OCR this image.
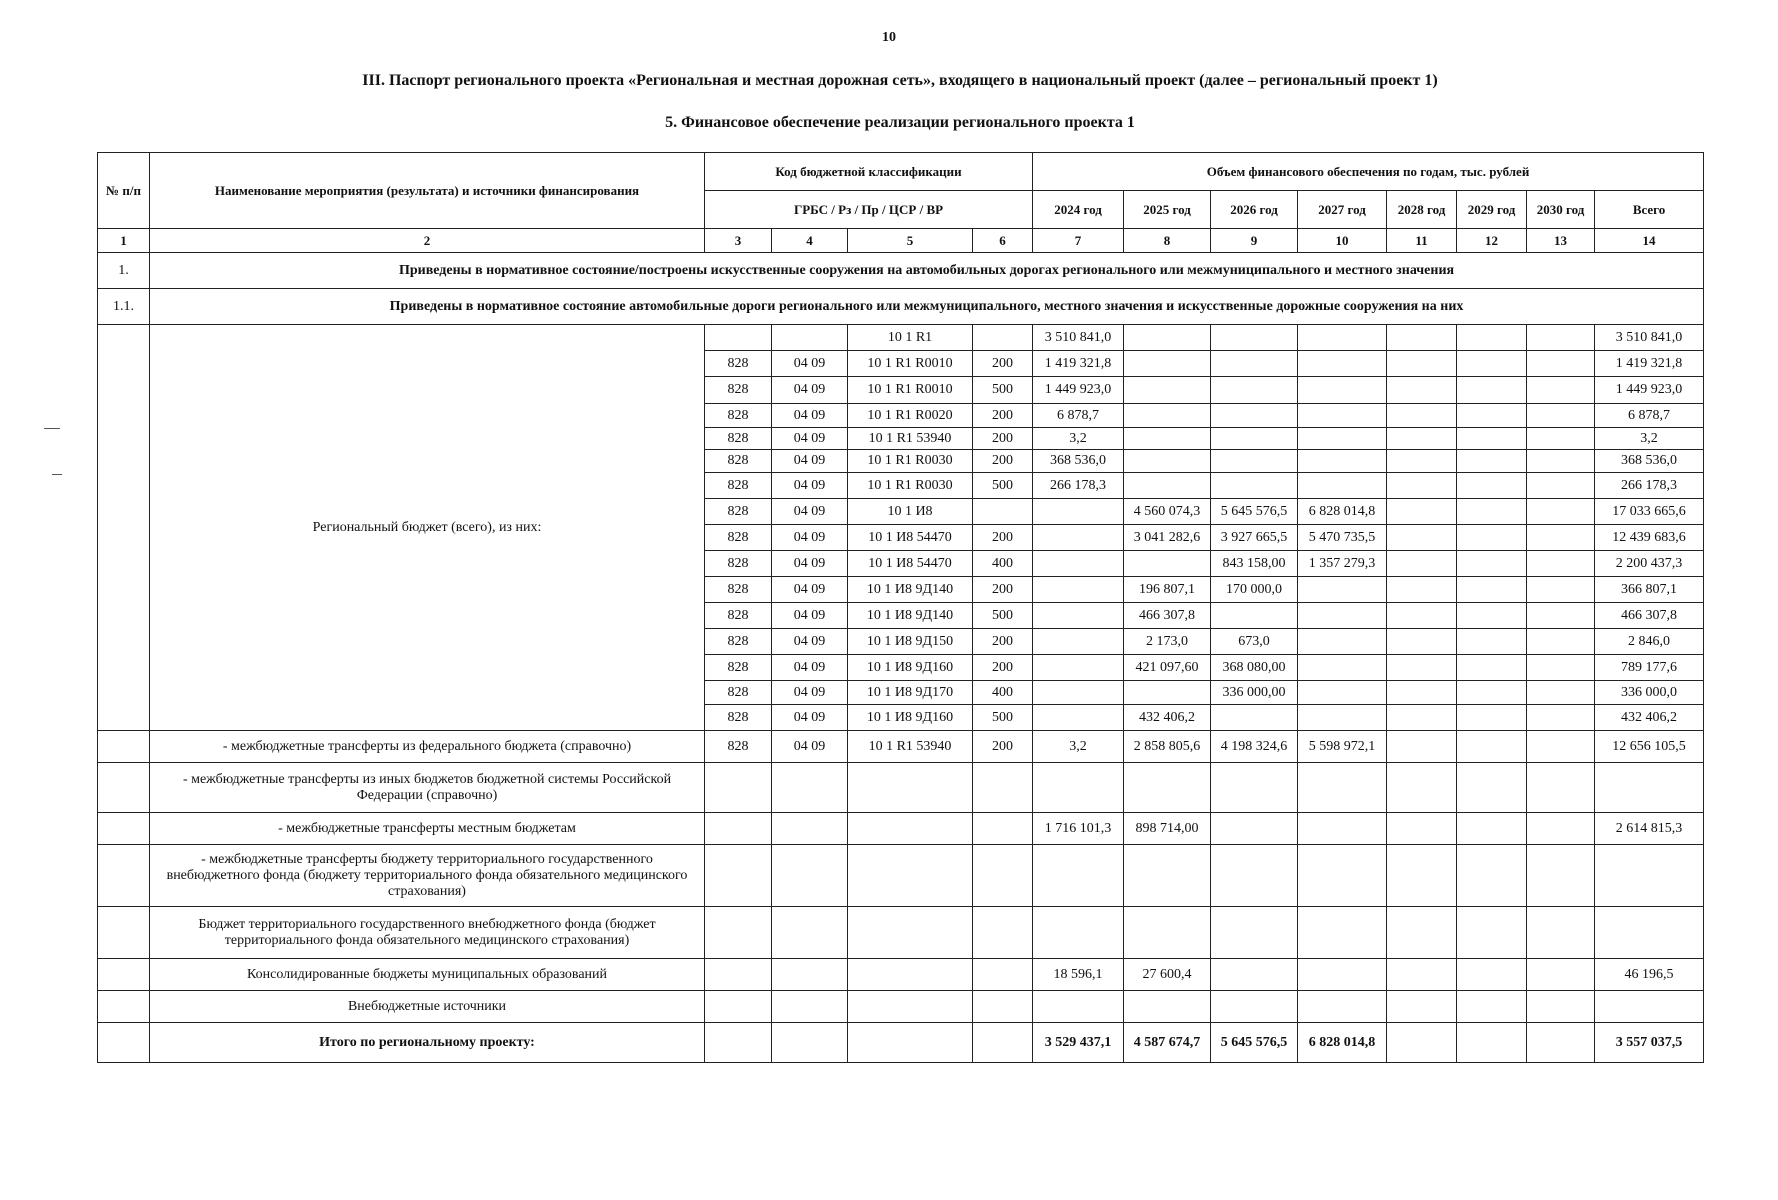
10
III. Паспорт регионального проекта «Региональная и местная дорожная сеть», входящего в национальный проект (далее – региональный проект 1)
5. Финансовое обеспечение реализации регионального проекта 1
№ п/п	Наименование мероприятия (результата) и источники финансирования	Код бюджетной классификации				Объем финансового обеспечения по годам, тыс. рублей							
		ГРБС / Рз / Пр / ЦСР / ВР				2024 год	2025 год	2026 год	2027 год	2028 год	2029 год	2030 год	Всего
1	2	3	4	5	6	7	8	9	10	11	12	13	14
1.	Приведены в нормативное состояние/построены искусственные сооружения на автомобильных дорогах регионального или межмуниципального и местного значения												
1.1.	Приведены в нормативное состояние автомобильные дороги регионального или межмуниципального, местного значения и искусственные дорожные сооружения на них												
	Региональный бюджет (всего), из них:			10 1 R1		3 510 841,0							3 510 841,0
		828	04 09	10 1 R1 R0010	200	1 419 321,8							1 419 321,8
		828	04 09	10 1 R1 R0010	500	1 449 923,0							1 449 923,0
		828	04 09	10 1 R1 R0020	200	6 878,7							6 878,7
		828	04 09	10 1 R1 53940	200	3,2							3,2
		828	04 09	10 1 R1 R0030	200	368 536,0							368 536,0
		828	04 09	10 1 R1 R0030	500	266 178,3							266 178,3
		828	04 09	10 1 И8			4 560 074,3	5 645 576,5	6 828 014,8				17 033 665,6
		828	04 09	10 1 И8 54470	200		3 041 282,6	3 927 665,5	5 470 735,5				12 439 683,6
		828	04 09	10 1 И8 54470	400			843 158,00	1 357 279,3				2 200 437,3
		828	04 09	10 1 И8 9Д140	200		196 807,1	170 000,0					366 807,1
		828	04 09	10 1 И8 9Д140	500		466 307,8						466 307,8
		828	04 09	10 1 И8 9Д150	200		2 173,0	673,0					2 846,0
		828	04 09	10 1 И8 9Д160	200		421 097,60	368 080,00					789 177,6
		828	04 09	10 1 И8 9Д170	400			336 000,00					336 000,0
		828	04 09	10 1 И8 9Д160	500		432 406,2						432 406,2
	- межбюджетные трансферты из федерального бюджета (справочно)	828	04 09	10 1 R1 53940	200	3,2	2 858 805,6	4 198 324,6	5 598 972,1				12 656 105,5
	- межбюджетные трансферты из иных бюджетов бюджетной системы Российской Федерации (справочно)												
	- межбюджетные трансферты местным бюджетам					1 716 101,3	898 714,00						2 614 815,3
	- межбюджетные трансферты бюджету территориального государственного внебюджетного фонда (бюджету территориального фонда обязательного медицинского страхования)												
	Бюджет территориального государственного внебюджетного фонда (бюджет территориального фонда обязательного медицинского страхования)												
	Консолидированные бюджеты муниципальных образований					18 596,1	27 600,4						46 196,5
	Внебюджетные источники												
	Итого по региональному проекту:					3 529 437,1	4 587 674,7	5 645 576,5	6 828 014,8				3 557 037,5
